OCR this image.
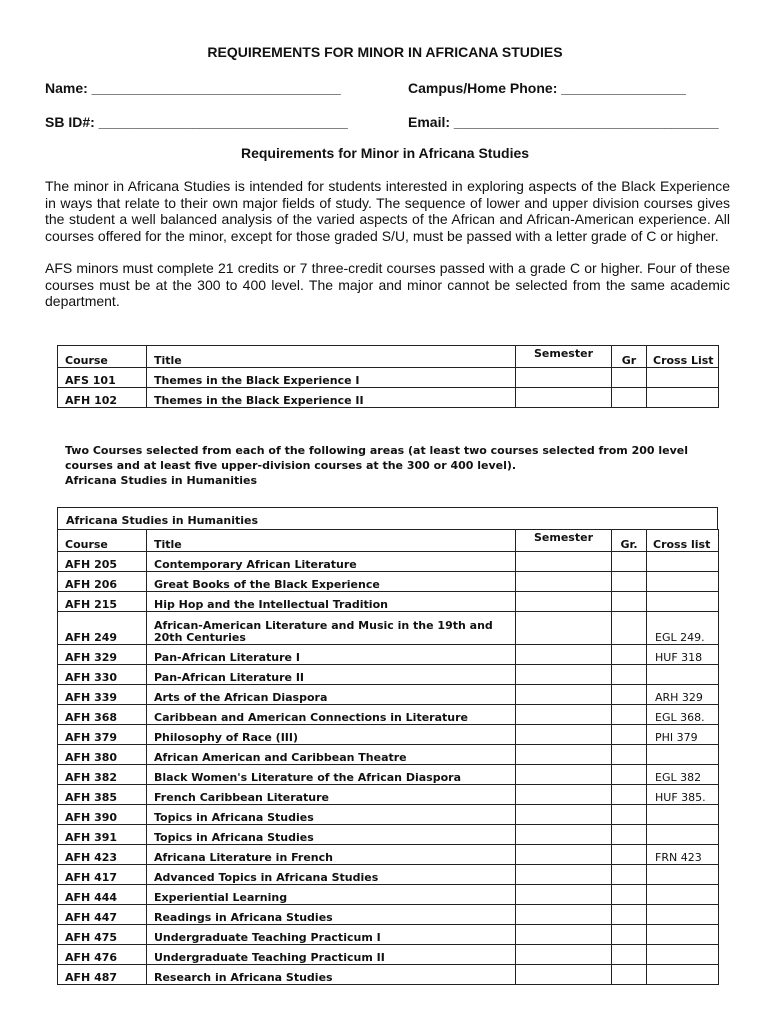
REQUIREMENTS FOR MINOR IN AFRICANA STUDIES
Name: ________________________________	Campus/Home Phone: ________________
SB ID#: ________________________________	Email: __________________________________
Requirements for Minor in Africana Studies
The minor in Africana Studies is intended for students interested in exploring aspects of the Black Experience in ways that relate to their own major fields of study. The sequence of lower and upper division courses gives the student a well balanced analysis of the varied aspects of the African and African-American experience. All courses offered for the minor, except for those graded S/U, must be passed with a letter grade of C or higher.
AFS minors must complete 21 credits or 7 three-credit courses passed with a grade C or higher. Four of these courses must be at the 300 to 400 level. The major and minor cannot be selected from the same academic department.
Course	Title	Semester	Gr	Cross List
AFS 101	Themes in the Black Experience I			
AFH 102	Themes in the Black Experience II			
Two Courses selected from each of the following areas (at least two courses selected from 200 level courses and at least five upper-division courses at the 300 or 400 level).
Africana Studies in Humanities
Africana Studies in Humanities
Course	Title	Semester	Gr.	Cross list
AFH 205	Contemporary African Literature			
AFH 206	Great Books of the Black Experience			
AFH 215	Hip Hop and the Intellectual Tradition			
AFH 249	African-American Literature and Music in the 19th and 20th Centuries			EGL 249.
AFH 329	Pan-African Literature I			HUF 318
AFH 330	Pan-African Literature II			
AFH 339	Arts of the African Diaspora			ARH 329
AFH 368	Caribbean and American Connections in Literature			EGL 368.
AFH 379	Philosophy of Race (III)			PHI 379
AFH 380	African American and Caribbean Theatre			
AFH 382	Black Women's Literature of the African Diaspora			EGL 382
AFH 385	French Caribbean Literature			HUF 385.
AFH 390	Topics in Africana Studies			
AFH 391	Topics in Africana Studies			
AFH 423	Africana Literature in French			FRN 423
AFH 417	Advanced Topics in Africana Studies			
AFH 444	Experiential Learning			
AFH 447	Readings in Africana Studies			
AFH 475	Undergraduate Teaching Practicum I			
AFH 476	Undergraduate Teaching Practicum II			
AFH 487	Research in Africana Studies			
